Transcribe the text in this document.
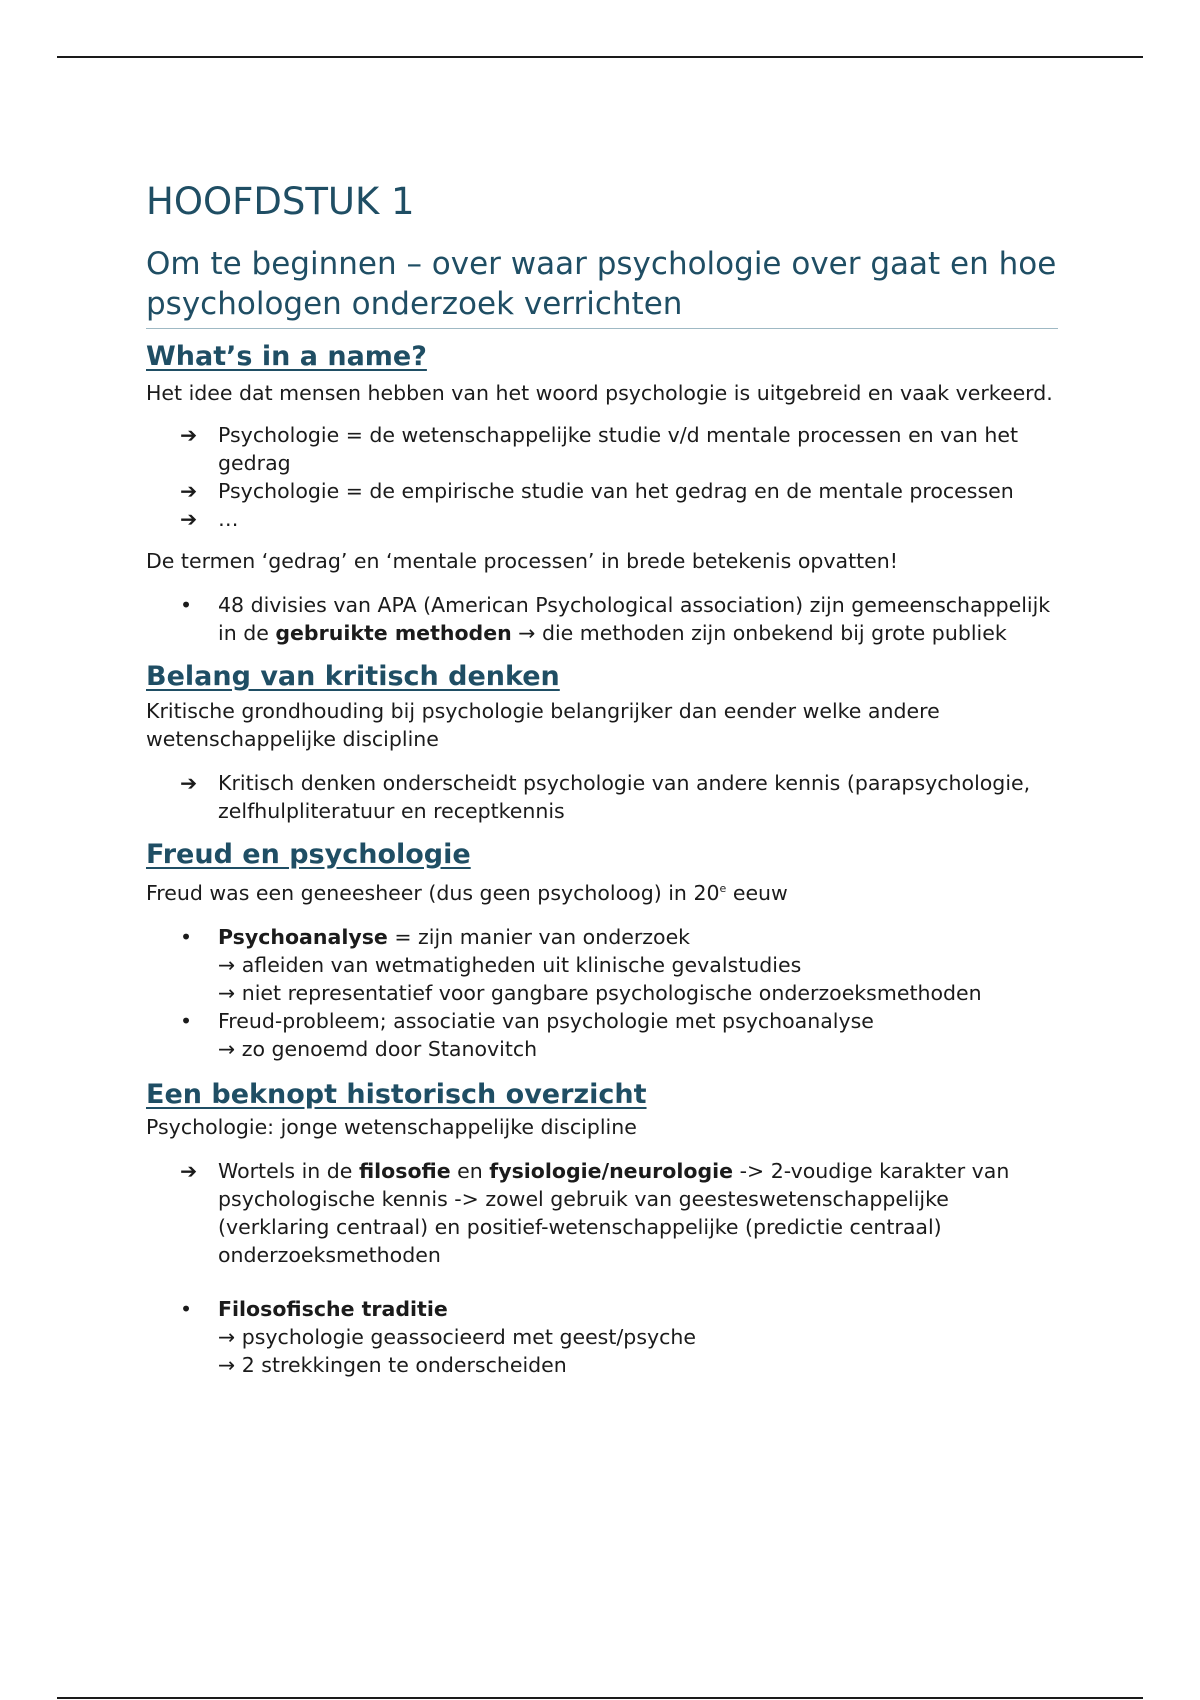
HOOFDSTUK 1
Om te beginnen – over waar psychologie over gaat en hoe psychologen onderzoek verrichten
What’s in a name?

Het idee dat mensen hebben van het woord psychologie is uitgebreid en vaak verkeerd.

➔ Psychologie = de wetenschappelijke studie v/d mentale processen en van het gedrag
➔ Psychologie = de empirische studie van het gedrag en de mentale processen
➔ …

De termen ‘gedrag’ en ‘mentale processen’ in brede betekenis opvatten!

• 48 divisies van APA (American Psychological association) zijn gemeenschappelijk in de gebruikte methoden → die methoden zijn onbekend bij grote publiek
Belang van kritisch denken

Kritische grondhouding bij psychologie belangrijker dan eender welke andere wetenschappelijke discipline

➔ Kritisch denken onderscheidt psychologie van andere kennis (parapsychologie, zelfhulpliteratuur en receptkennis
Freud en psychologie

Freud was een geneesheer (dus geen psycholoog) in 20e eeuw

• Psychoanalyse = zijn manier van onderzoek
→ afleiden van wetmatigheden uit klinische gevalstudies
→ niet representatief voor gangbare psychologische onderzoeksmethoden
• Freud-probleem; associatie van psychologie met psychoanalyse
→ zo genoemd door Stanovitch
Een beknopt historisch overzicht

Psychologie: jonge wetenschappelijke discipline

➔ Wortels in de filosofie en fysiologie/neurologie -> 2-voudige karakter van psychologische kennis -> zowel gebruik van geesteswetenschappelijke (verklaring centraal) en positief-wetenschappelijke (predictie centraal) onderzoeksmethoden
• Filosofische traditie
→ psychologie geassocieerd met geest/psyche
→ 2 strekkingen te onderscheiden
